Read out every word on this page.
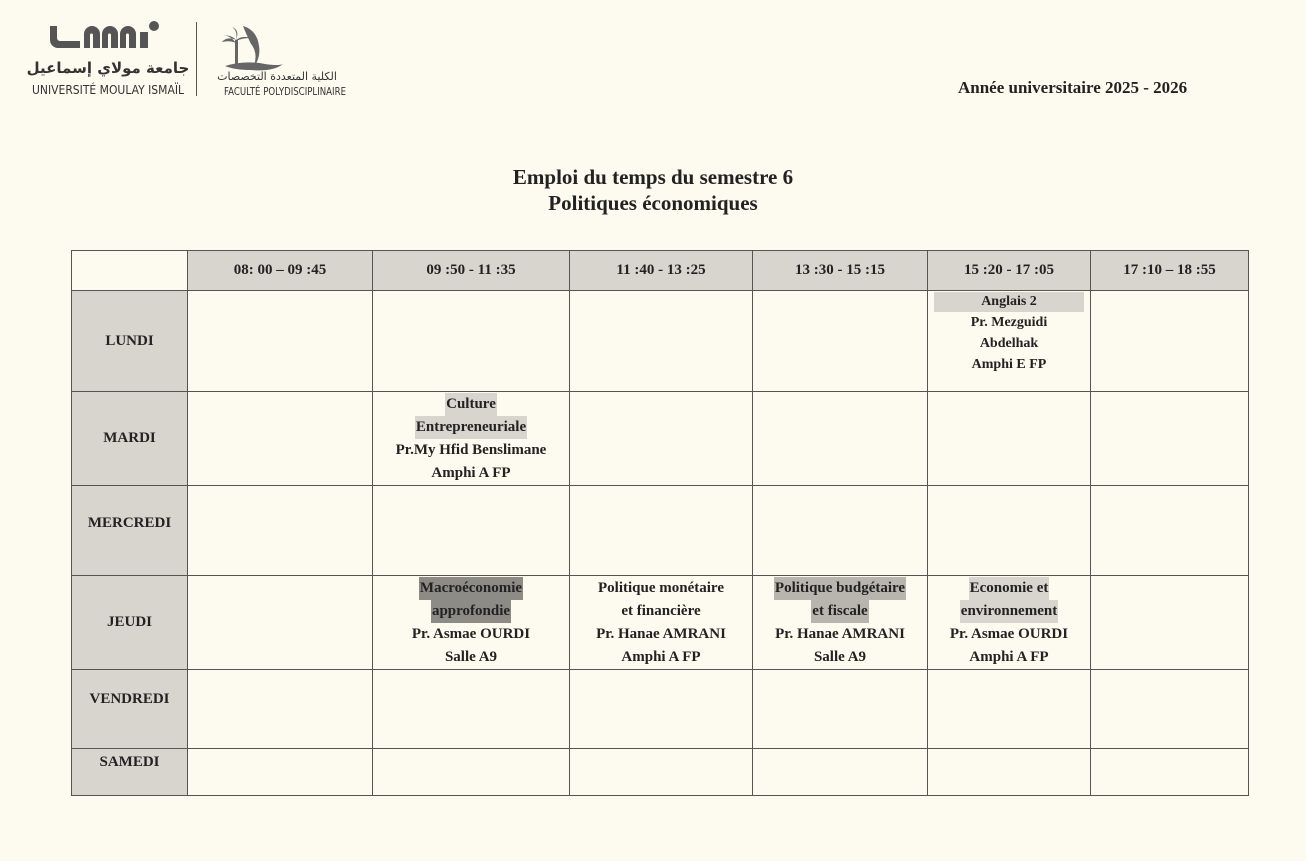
جامعة مولاي إسماعيل
UNIVERSITÉ MOULAY ISMAÏL
الكلية المتعددة التخصصات
FACULTÉ POLYDISCIPLINAIRE	Année universitaire 2025 - 2026
Emploi du temps du semestre 6
Politiques économiques
	08: 00 – 09 :45	09 :50 - 11 :35	11 :40 - 13 :25	13 :30 - 15 :15	15 :20 - 17 :05	17 :10 – 18 :55
LUNDI					Anglais 2
Pr. Mezguidi
Abdelhak
Amphi E FP	

MARDI		Culture
Entrepreneuriale
Pr.My Hfid Benslimane
Amphi A FP				

MERCREDI						
JEUDI		Macroéconomie
approfondie
Pr. Asmae OURDI
Salle A9	Politique monétaire
et financière
Pr. Hanae AMRANI
Amphi A FP	Politique budgétaire
et fiscale
Pr. Hanae AMRANI
Salle A9	Economie et
environnement
Pr. Asmae OURDI
Amphi A FP	

VENDREDI						
SAMEDI						
